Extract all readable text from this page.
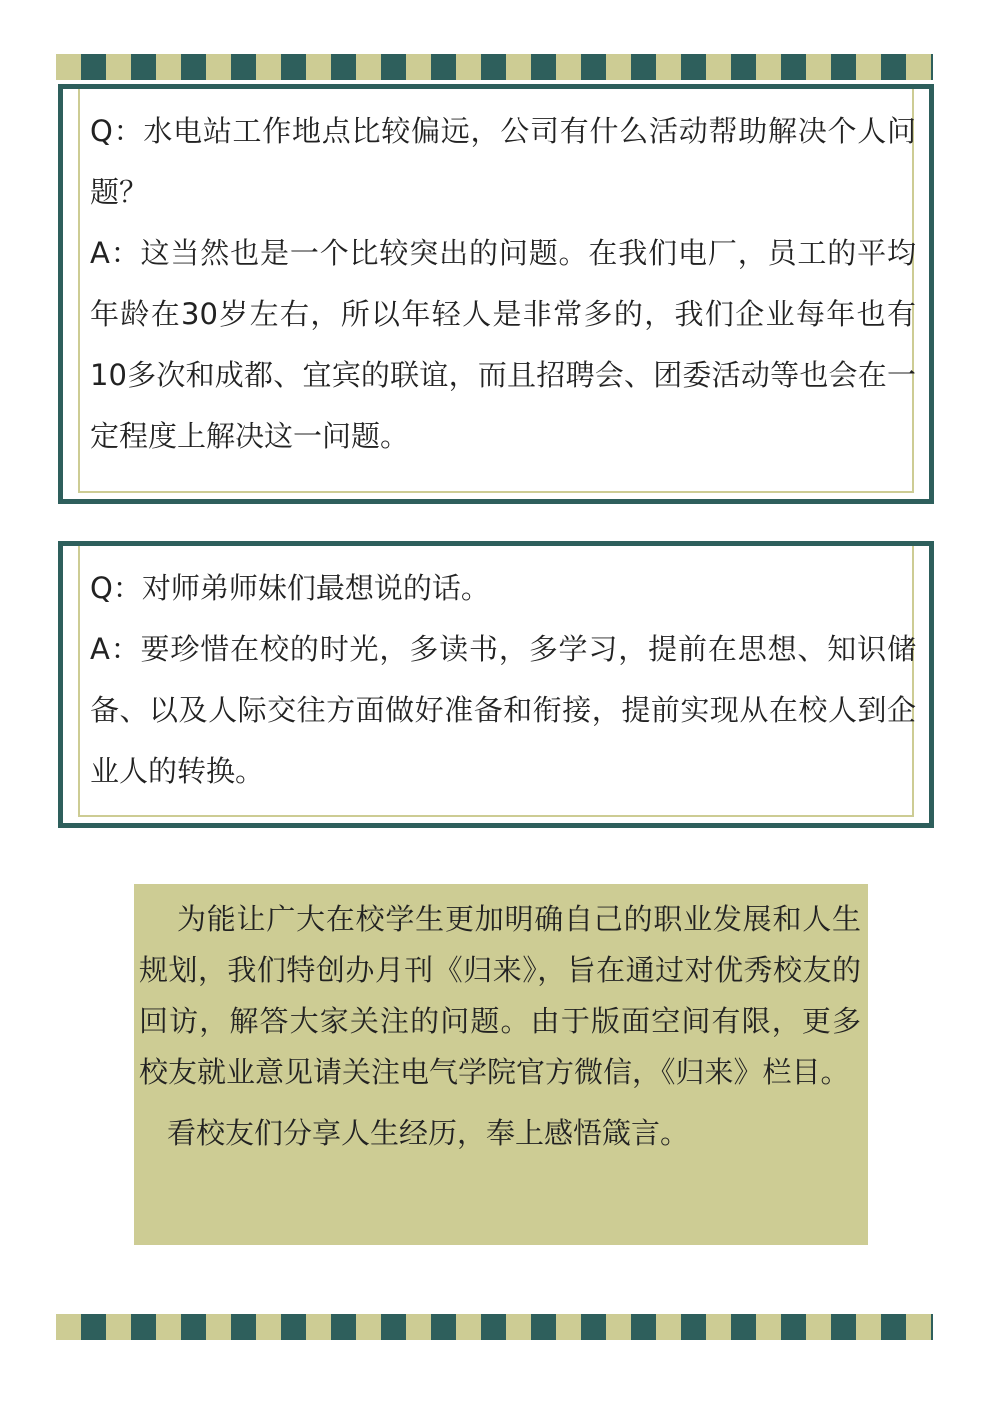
Q：水电站工作地点比较偏远，公司有什么活动帮助解决个人问题？

A：这当然也是一个比较突出的问题。在我们电厂，员工的平均年龄在30岁左右，所以年轻人是非常多的，我们企业每年也有10多次和成都、宜宾的联谊，而且招聘会、团委活动等也会在一定程度上解决这一问题。

Q：对师弟师妹们最想说的话。

A：要珍惜在校的时光，多读书，多学习，提前在思想、知识储备、以及人际交往方面做好准备和衔接，提前实现从在校人到企业人的转换。

为能让广大在校学生更加明确自己的职业发展和人生规划，我们特创办月刊《归来》，旨在通过对优秀校友的回访，解答大家关注的问题。由于版面空间有限，更多校友就业意见请关注电气学院官方微信，《归来》栏目。

看校友们分享人生经历，奉上感悟箴言。
